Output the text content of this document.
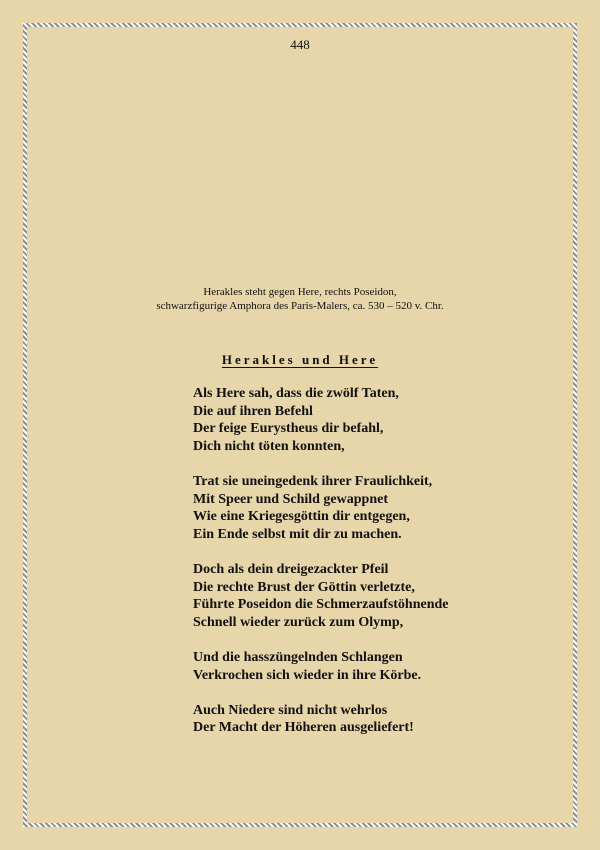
448
Herakles steht gegen Here, rechts Poseidon,
schwarzfigurige Amphora des Paris-Malers, ca. 530 – 520 v. Chr.
Herakles und Here
Als Here sah, dass die zwölf Taten,
Die auf ihren Befehl
Der feige Eurystheus dir befahl,
Dich nicht töten konnten,
Trat sie uneingedenk ihrer Fraulichkeit,
Mit Speer und Schild gewappnet
Wie eine Kriegesgöttin dir entgegen,
Ein Ende selbst mit dir zu machen.
Doch als dein dreigezackter Pfeil
Die rechte Brust der Göttin verletzte,
Führte Poseidon die Schmerzaufstöhnende
Schnell wieder zurück zum Olymp,
Und die hasszüngelnden Schlangen
Verkrochen sich wieder in ihre Körbe.
Auch Niedere sind nicht wehrlos
Der Macht der Höheren ausgeliefert!
